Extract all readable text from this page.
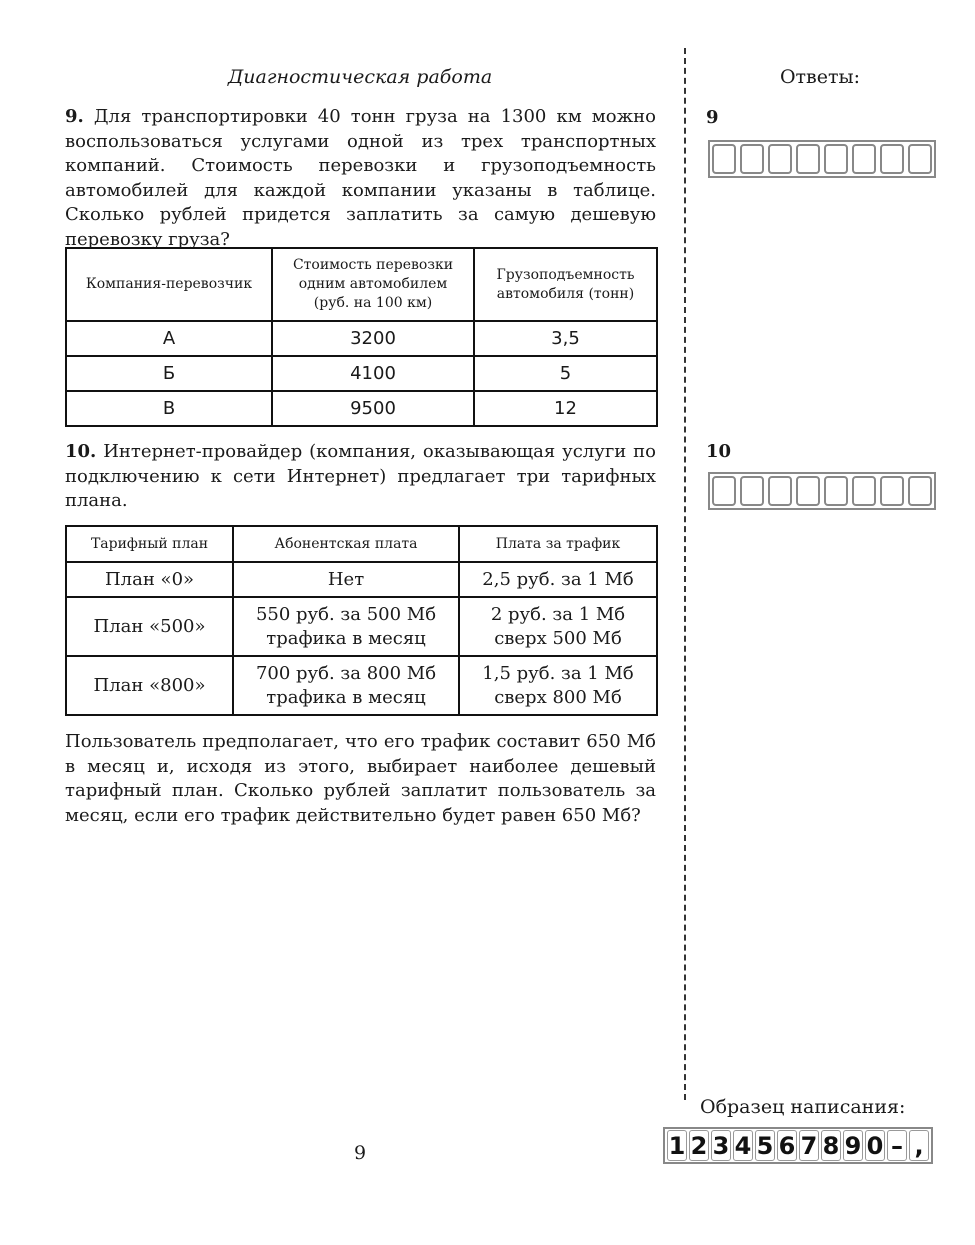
Диагностическая работа	Ответы:
9. Для транспортировки 40 тонн груза на 1300 км можно воспользоваться услугами одной из трех транспортных компаний. Стоимость перевозки и грузоподъемность автомобилей для каждой компании указаны в таблице. Сколько рублей придется заплатить за самую дешевую перевозку груза?
Компания-перевозчик	Стоимость перевозки одним автомобилем (руб. на 100 км)	Грузоподъемность автомобиля (тонн)
А	3200	3,5
Б	4100	5
В	9500	12
10. Интернет-провайдер (компания, оказывающая услуги по подключению к сети Интернет) предлагает три тарифных плана.
Тарифный план	Абонентская плата	Плата за трафик
План «0»	Нет	2,5 руб. за 1 Мб
План «500»	550 руб. за 500 Мб трафика в месяц	2 руб. за 1 Мб сверх 500 Мб
План «800»	700 руб. за 800 Мб трафика в месяц	1,5 руб. за 1 Мб сверх 800 Мб
Пользователь предполагает, что его трафик составит 650 Мб в месяц и, исходя из этого, выбирает наиболее дешевый тарифный план. Сколько рублей заплатит пользователь за месяц, если его трафик действительно будет равен 650 Мб?
9
10
Образец написания:
1 2 3 4 5 6 7 8 9 0 – ,
9
